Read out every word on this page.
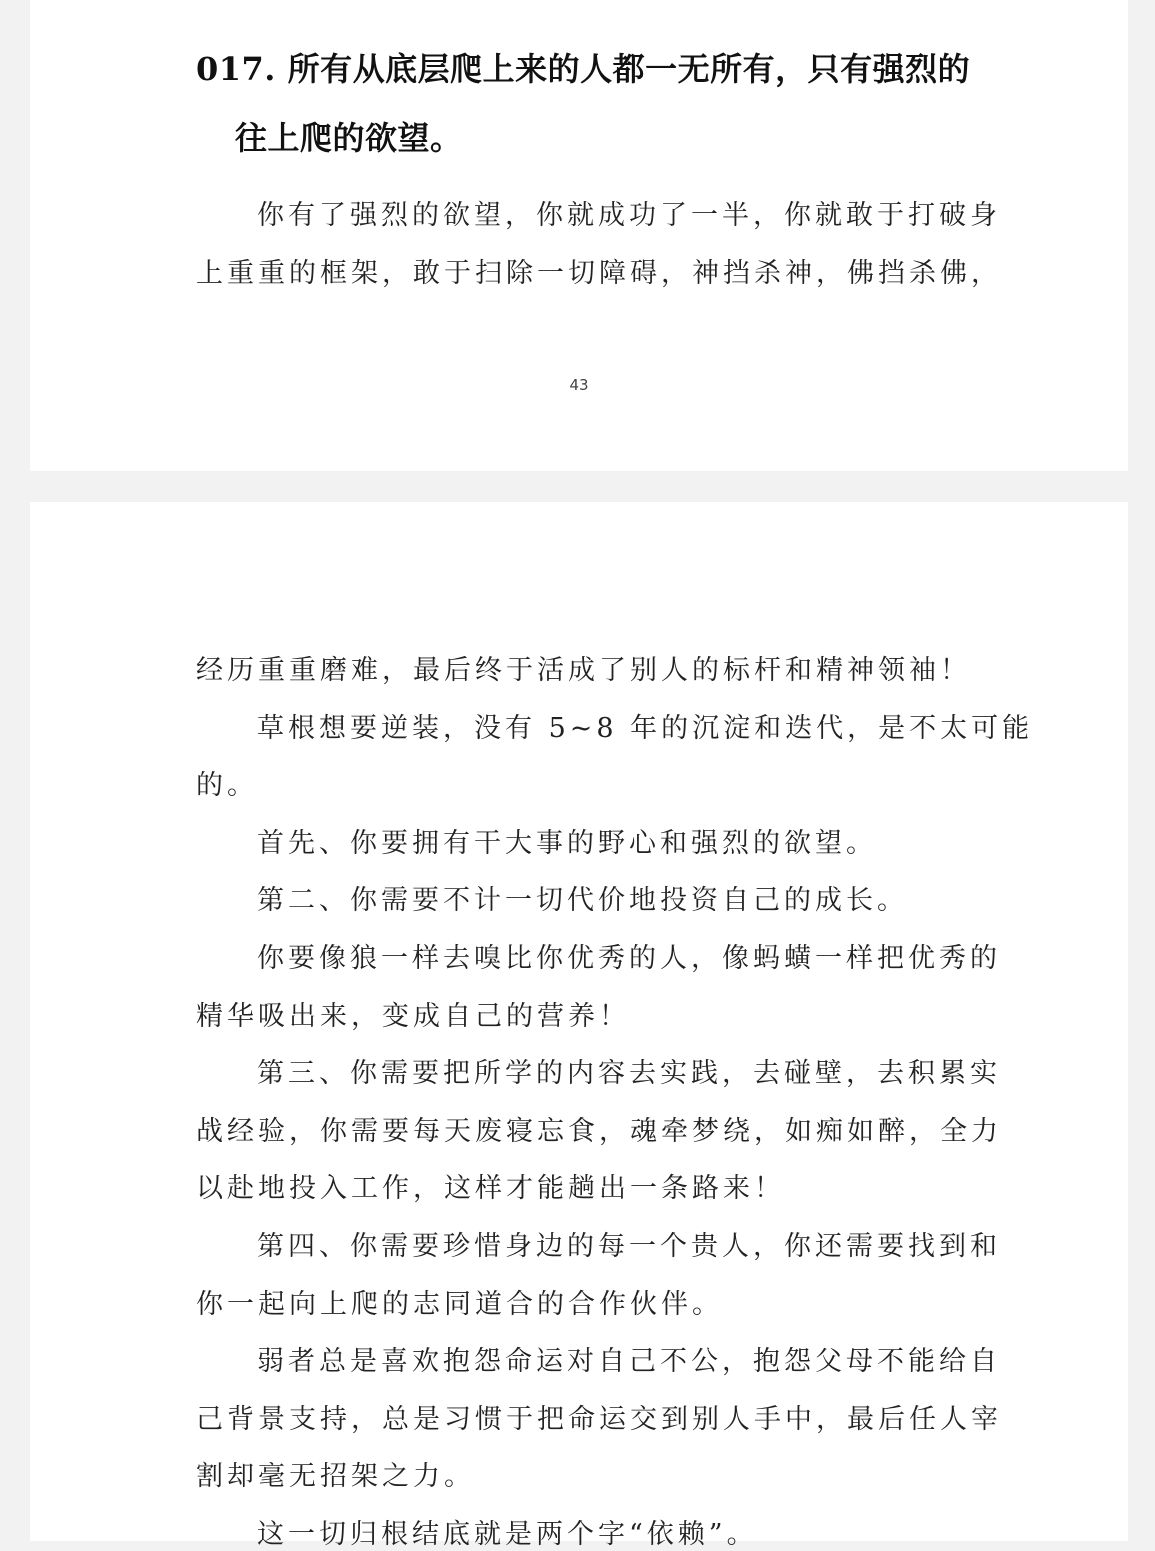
017. 所有从底层爬上来的人都一无所有，只有强烈的
往上爬的欲望。
你有了强烈的欲望，你就成功了一半，你就敢于打破身
上重重的框架，敢于扫除一切障碍，神挡杀神，佛挡杀佛，
43
经历重重磨难，最后终于活成了别人的标杆和精神领袖！
草根想要逆装，没有 5~8 年的沉淀和迭代，是不太可能
的。
首先、你要拥有干大事的野心和强烈的欲望。
第二、你需要不计一切代价地投资自己的成长。
你要像狼一样去嗅比你优秀的人，像蚂蟥一样把优秀的
精华吸出来，变成自己的营养！
第三、你需要把所学的内容去实践，去碰壁，去积累实
战经验，你需要每天废寝忘食，魂牵梦绕，如痴如醉，全力
以赴地投入工作，这样才能趟出一条路来！
第四、你需要珍惜身边的每一个贵人，你还需要找到和
你一起向上爬的志同道合的合作伙伴。
弱者总是喜欢抱怨命运对自己不公，抱怨父母不能给自
己背景支持，总是习惯于把命运交到别人手中，最后任人宰
割却毫无招架之力。
这一切归根结底就是两个字“依赖”。
